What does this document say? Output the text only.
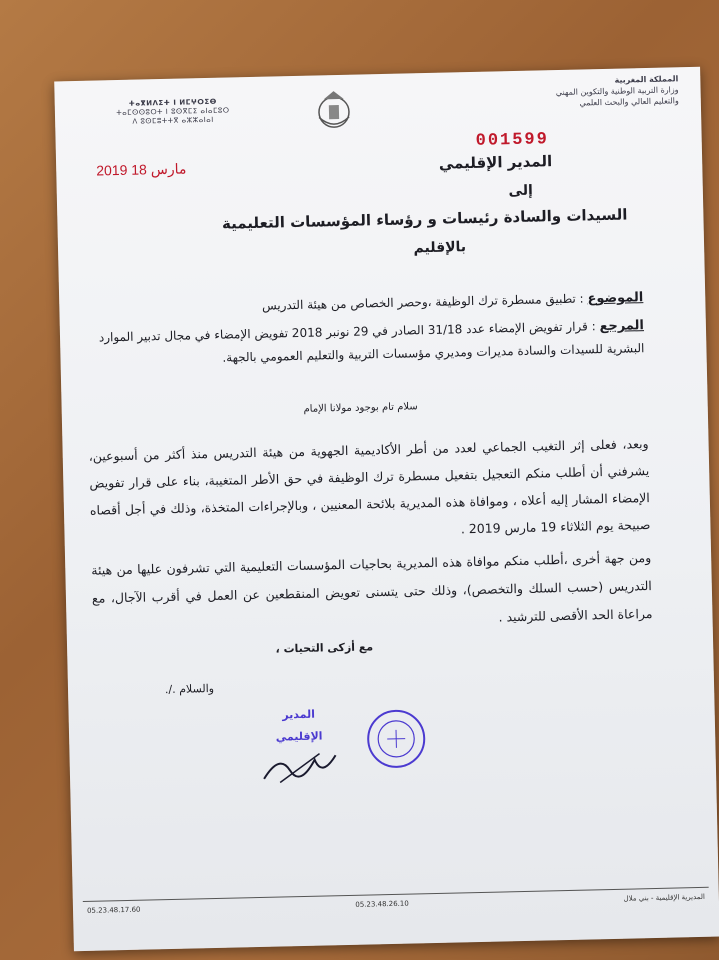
المملكة المغربية
وزارة التربية الوطنية والتكوين المهني
والتعليم العالي والبحث العلمي
ⵜⴰⴳⵍⴷⵉⵜ ⵏ ⵍⵎⵖⵔⵉⴱ
ⵜⴰⵎⵙⵙⵓⵔⵜ ⵏ ⵓⵙⴳⵎⵉ ⴰⵏⴰⵎⵓⵔ
ⴷ ⵓⵙⵎⵓⵜⵜⴳ ⴰⵣⵣⴰⵏⴰⵏ
001599
2019 مارس 18	المدير الإقليمي
إلى
السيدات والسادة رئيسات و رؤساء المؤسسات التعليمية
بالإقليم
الموضوع : تطبيق مسطرة ترك الوظيفة ،وحصر الخصاص من هيئة التدريس
المرجع : قرار تفويض الإمضاء عدد 31/18 الصادر في 29 نونبر 2018 تفويض الإمضاء في مجال تدبير الموارد البشرية للسيدات والسادة مديرات ومديري مؤسسات التربية والتعليم العمومي بالجهة.
سلام تام بوجود مولانا الإمام
وبعد، فعلى إثر التغيب الجماعي لعدد من أطر الأكاديمية الجهوية من هيئة التدريس منذ أكثر من أسبوعين، يشرفني أن أطلب منكم التعجيل بتفعيل مسطرة ترك الوظيفة في حق الأطر المتغيبة، بناء على قرار تفويض الإمضاء المشار إليه أعلاه ، وموافاة هذه المديرية بلائحة المعنيين ، وبالإجراءات المتخذة، وذلك في أجل أقصاه صبيحة يوم الثلاثاء 19 مارس 2019 .
ومن جهة أخرى ،أطلب منكم موافاة هذه المديرية بحاجيات المؤسسات التعليمية التي تشرفون عليها من هيئة التدريس (حسب السلك والتخصص)، وذلك حتى يتسنى تعويض المنقطعين عن العمل في أقرب الآجال، مع مراعاة الحد الأقصى للترشيد .
مع أزكى التحيات ،
والسلام ./.
المدير الإقليمي
05.23.48.17.60
05.23.48.26.10
المديرية الإقليمية - بني ملال
